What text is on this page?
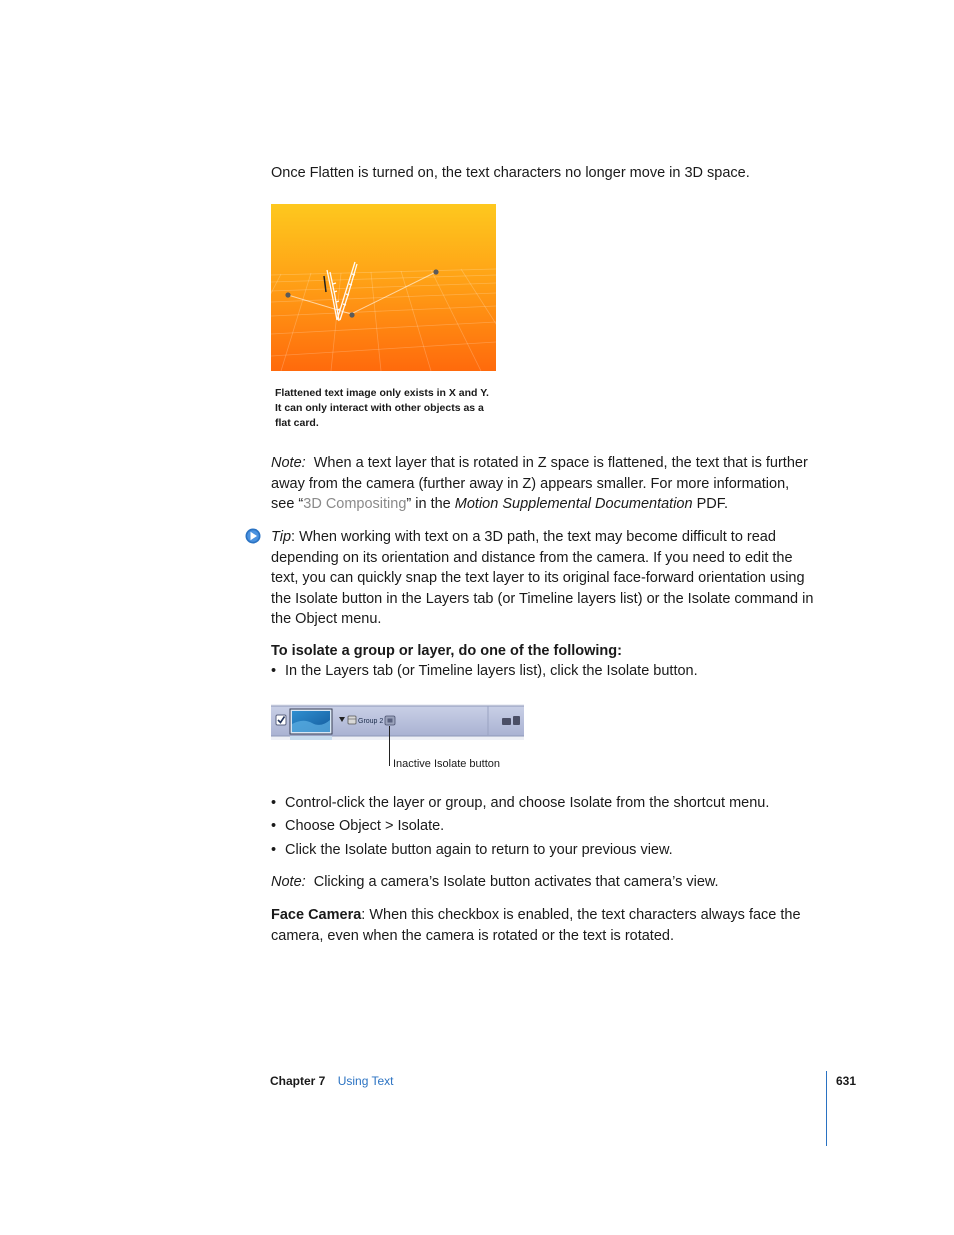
Once Flatten is turned on, the text characters no longer move in 3D space.
Flattened text image only exists in X and Y. It can only interact with other objects as a flat card.
Note: When a text layer that is rotated in Z space is flattened, the text that is further away from the camera (further away in Z) appears smaller. For more information, see “3D Compositing” in the Motion Supplemental Documentation PDF.
Tip: When working with text on a 3D path, the text may become difficult to read depending on its orientation and distance from the camera. If you need to edit the text, you can quickly snap the text layer to its original face-forward orientation using the Isolate button in the Layers tab (or Timeline layers list) or the Isolate command in the Object menu.
To isolate a group or layer, do one of the following:
• In the Layers tab (or Timeline layers list), click the Isolate button.
Group 2
Inactive Isolate button
• Control-click the layer or group, and choose Isolate from the shortcut menu.
• Choose Object > Isolate.
• Click the Isolate button again to return to your previous view.
Note: Clicking a camera’s Isolate button activates that camera’s view.
Face Camera: When this checkbox is enabled, the text characters always face the camera, even when the camera is rotated or the text is rotated.
Chapter 7 Using Text	631
